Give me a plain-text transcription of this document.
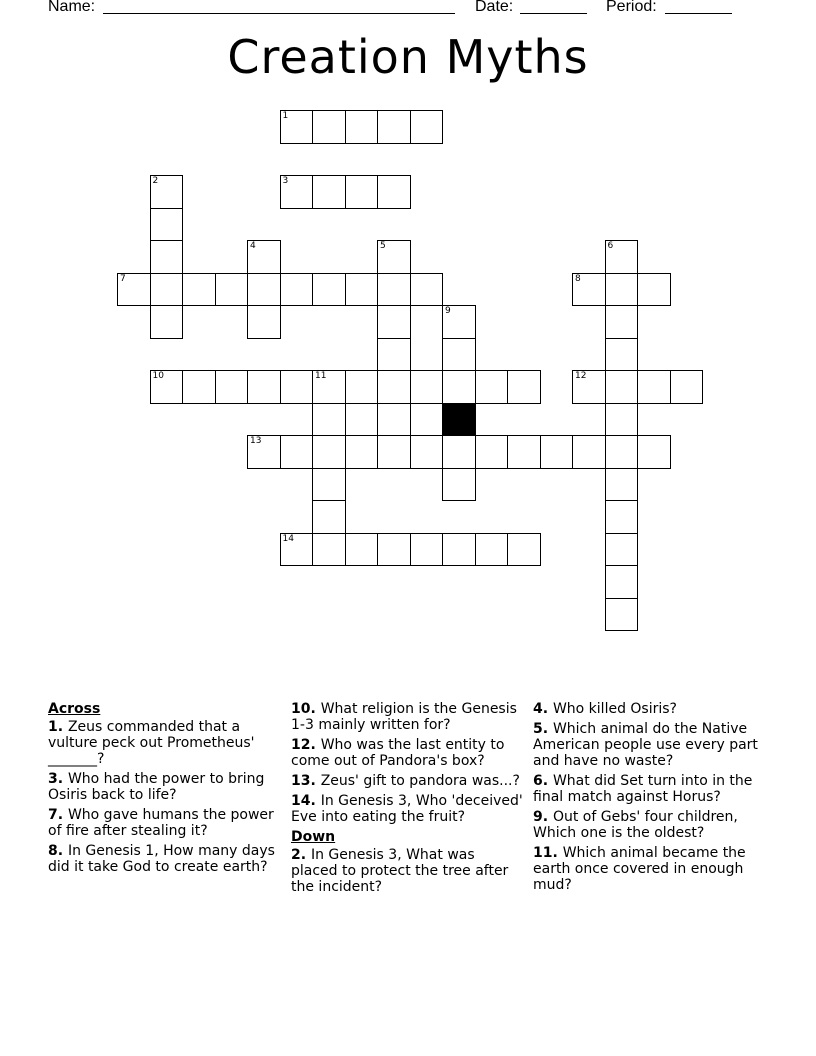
Name:	Date:	Period:
Creation Myths
1
2	3
4	5	6
7	8
9
10	11	12
13
14
Across
1. Zeus commanded that a vulture peck out Prometheus' _______?
3. Who had the power to bring Osiris back to life?
7. Who gave humans the power of fire after stealing it?
8. In Genesis 1, How many days did it take God to create earth?
10. What religion is the Genesis 1-3 mainly written for?
12. Who was the last entity to come out of Pandora's box?
13. Zeus' gift to pandora was...?
14. In Genesis 3, Who 'deceived' Eve into eating the fruit?
Down
2. In Genesis 3, What was placed to protect the tree after the incident?
4. Who killed Osiris?
5. Which animal do the Native American people use every part and have no waste?
6. What did Set turn into in the final match against Horus?
9. Out of Gebs' four children, Which one is the oldest?
11. Which animal became the earth once covered in enough mud?
